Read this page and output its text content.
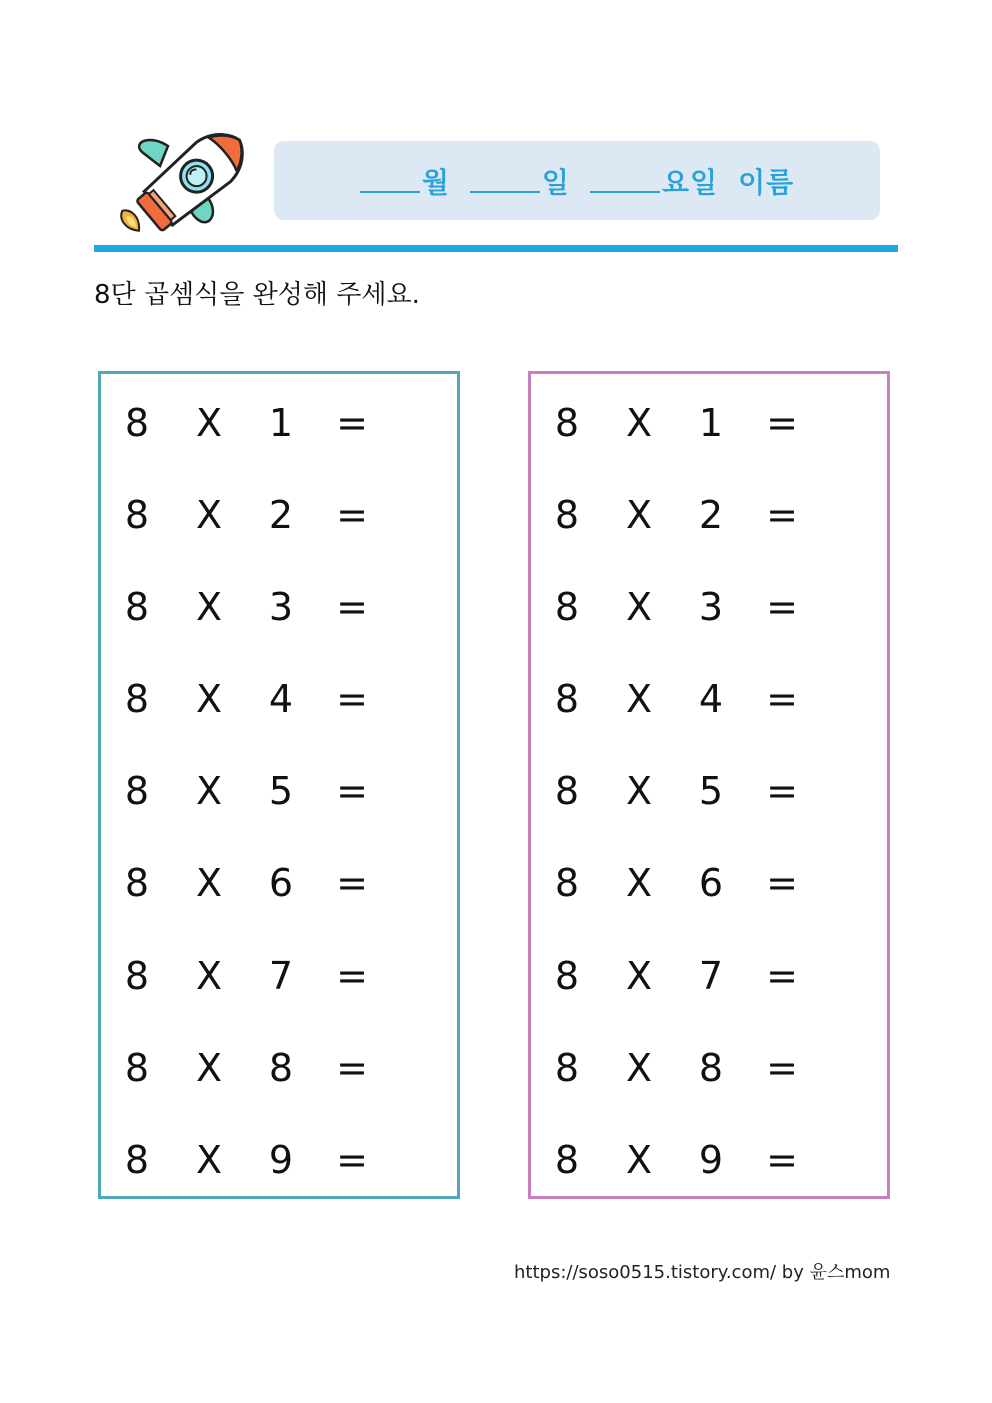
월	일	요일 이름
8단 곱셈식을 완성해 주세요.
8 X 1 =
8 X 2 =
8 X 3 =
8 X 4 =
8 X 5 =
8 X 6 =
8 X 7 =
8 X 8 =
8 X 9 =
8 X 1 =
8 X 2 =
8 X 3 =
8 X 4 =
8 X 5 =
8 X 6 =
8 X 7 =
8 X 8 =
8 X 9 =
https://soso0515.tistory.com/ by 윤스mom
